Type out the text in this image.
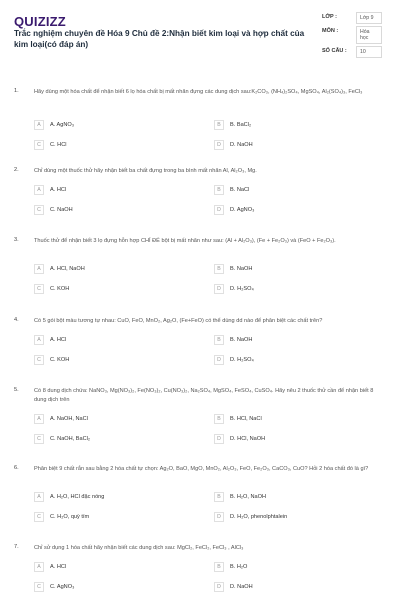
QUIZIZZ
Trắc nghiệm chuyên đề Hóa 9 Chủ đề 2:Nhận biết kim loại và hợp chất của kim loại(có đáp án)
LỚP :	Lớp 9
MÔN :	Hóa học
SỐ CÂU :	10
1.	Hãy dùng một hóa chất để nhận biết 6 lọ hóa chất bị mất nhãn đựng các dung dịch sau:K₂CO₃, (NH₄)₂SO₄, MgSO₄, Al₂(SO₄)₃, FeCl₃
A	A. AgNO₃	B	B. BaCl₂
C	C. HCl	D	D. NaOH
2.	Chỉ dùng một thuốc thử hãy nhận biết ba chất đựng trong ba bình mất nhãn Al, Al₂O₃, Mg.
A	A. HCl	B	B. NaCl
C	C. NaOH	D	D. AgNO₃
3.	Thuốc thử để nhận biết 3 lọ đựng hỗn hợp CHỈ ĐỂ bột bị mất nhãn như sau: (Al + Al₂O₃), (Fe + Fe₂O₃) và (FeO + Fe₂O₃).
A	A. HCl, NaOH	B	B. NaOH
C	C. KOH	D	D. H₂SO₄
4.	Có 5 gói bột màu tương tự nhau: CuO, FeO, MnO₂, Ag₂O, (Fe+FeO) có thể dùng dd nào để phân biệt các chất trên?
A	A. HCl	B	B. NaOH
C	C. KOH	D	D. H₂SO₄
5.	Có 8 dung dịch chứa: NaNO₃, Mg(NO₃)₂, Fe(NO₃)₂, Cu(NO₃)₂, Na₂SO₄, MgSO₄, FeSO₄, CuSO₄. Hãy nêu 2 thuốc thử cần để nhận biết 8 dung dịch trên
A	A. NaOH, NaCl	B	B. HCl, NaCl
C	C. NaOH, BaCl₂	D	D. HCl, NaOH
6.	Phân biệt 9 chất rắn sau bằng 2 hóa chất tự chọn: Ag₂O, BaO, MgO, MnO₂, Al₂O₃, FeO, Fe₂O₃, CaCO₃, CuO? Hỏi 2 hóa chất đó là gì?
A	A. H₂O, HCl đặc nóng	B	B. H₂O, NaOH
C	C. H₂O, quỳ tím	D	D. H₂O, phenolphtalein
7.	Chỉ sử dụng 1 hóa chất hãy nhận biết các dung dịch sau: MgCl₂, FeCl₂, FeCl₃ , AlCl₃
A	A. HCl	B	B. H₂O
C	C. AgNO₃	D	D. NaOH
